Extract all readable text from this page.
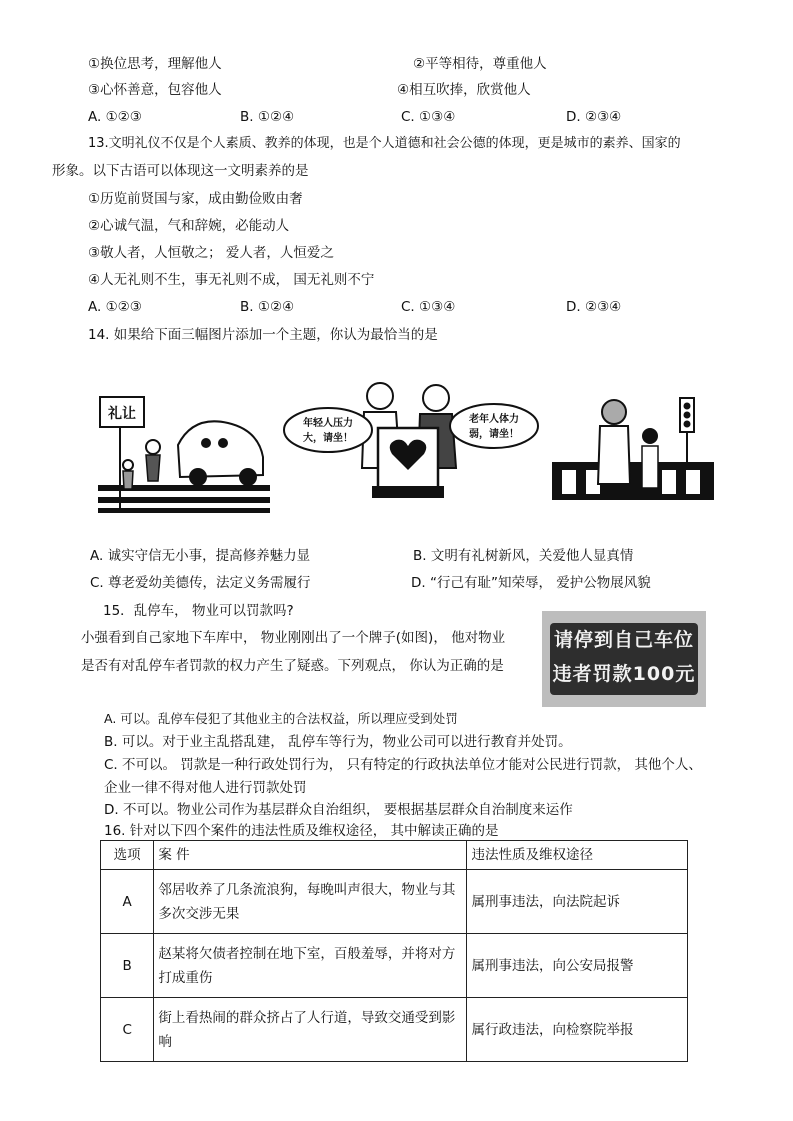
①换位思考，理解他人	②平等相待，尊重他人
③心怀善意，包容他人	④相互吹捧，欣赏他人
A. ①②③	B. ①②④	C. ①③④	D. ②③④
13.文明礼仪不仅是个人素质、教养的体现，也是个人道德和社会公德的体现，更是城市的素养、国家的
形象。以下古语可以体现这一文明素养的是
①历览前贤国与家，成由勤俭败由奢
②心诚气温，气和辞婉，必能动人
③敬人者，人恒敬之； 爱人者，人恒爱之
④人无礼则不生，事无礼则不成， 国无礼则不宁
A. ①②③	B. ①②④	C. ①③④	D. ②③④
14. 如果给下面三幅图片添加一个主题，你认为最恰当的是
礼让
年轻人压力
大，请坐！
老年人体力
弱，请坐！
A. 诚实守信无小事，提高修养魅力显	B. 文明有礼树新风，关爱他人显真情
C. 尊老爱幼美德传，法定义务需履行	D. “行己有耻”知荣辱， 爱护公物展风貌
15．乱停车， 物业可以罚款吗?
小强看到自己家地下车库中， 物业刚刚出了一个牌子(如图)， 他对物业
是否有对乱停车者罚款的权力产生了疑惑。下列观点， 你认为正确的是
请停到自己车位
违者罚款100元
A. 可以。乱停车侵犯了其他业主的合法权益，所以理应受到处罚
B. 可以。对于业主乱搭乱建， 乱停车等行为，物业公司可以进行教育并处罚。
C. 不可以。 罚款是一种行政处罚行为， 只有特定的行政执法单位才能对公民进行罚款， 其他个人、
企业一律不得对他人进行罚款处罚
D. 不可以。物业公司作为基层群众自治组织， 要根据基层群众自治制度来运作
16. 针对以下四个案件的违法性质及维权途径， 其中解读正确的是
选项	案 件	违法性质及维权途径
A	邻居收养了几条流浪狗，每晚叫声很大，物业与其
多次交涉无果	属刑事违法，向法院起诉
B	赵某将欠债者控制在地下室，百般羞辱，并将对方
打成重伤	属刑事违法，向公安局报警
C	街上看热闹的群众挤占了人行道，导致交通受到影
响	属行政违法，向检察院举报
